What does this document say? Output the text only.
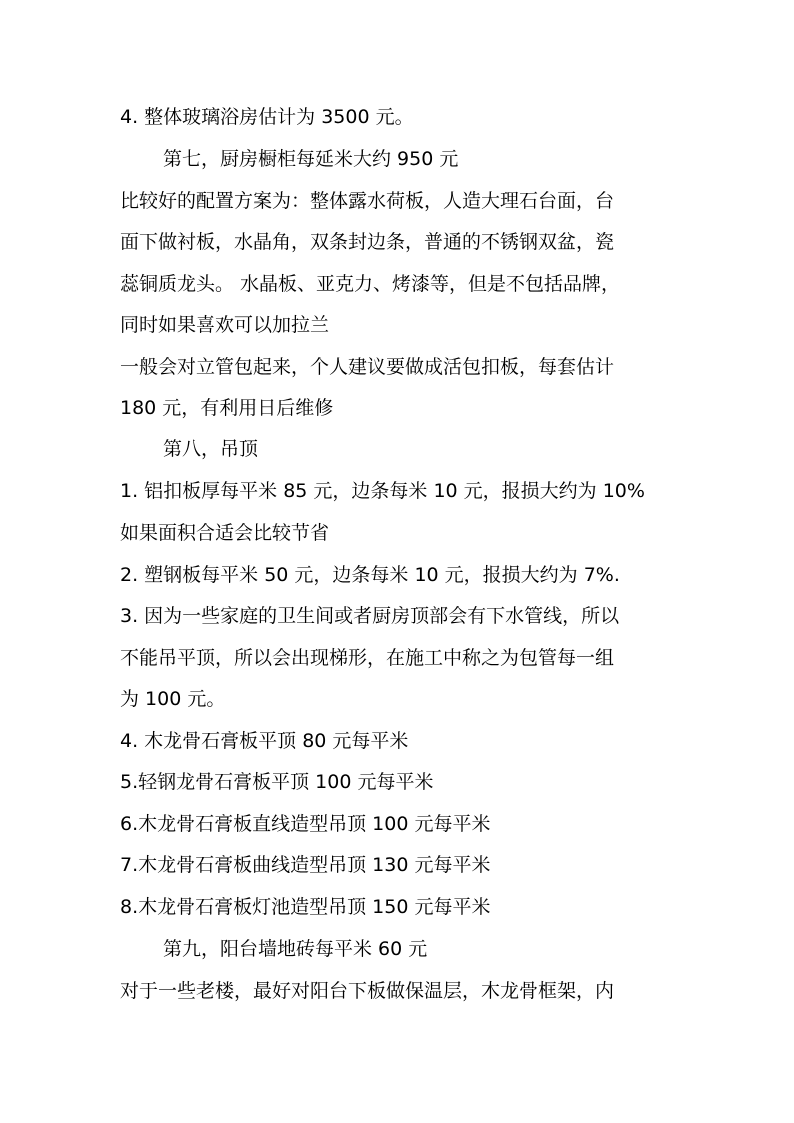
4. 整体玻璃浴房估计为 3500 元。

第七，厨房橱柜每延米大约 950 元

比较好的配置方案为：整体露水荷板，人造大理石台面，台

面下做衬板，水晶角，双条封边条，普通的不锈钢双盆，瓷

蕊铜质龙头。 水晶板、亚克力、烤漆等，但是不包括品牌，

同时如果喜欢可以加拉兰

一般会对立管包起来，个人建议要做成活包扣板，每套估计

180 元，有利用日后维修

第八，吊顶

1. 铝扣板厚每平米 85 元，边条每米 10 元，报损大约为 10%

如果面积合适会比较节省

2. 塑钢板每平米 50 元，边条每米 10 元，报损大约为 7%.

3. 因为一些家庭的卫生间或者厨房顶部会有下水管线，所以

不能吊平顶，所以会出现梯形，在施工中称之为包管每一组

为 100 元。

4. 木龙骨石膏板平顶 80 元每平米

5.轻钢龙骨石膏板平顶 100 元每平米

6.木龙骨石膏板直线造型吊顶 100 元每平米

7.木龙骨石膏板曲线造型吊顶 130 元每平米

8.木龙骨石膏板灯池造型吊顶 150 元每平米

第九，阳台墙地砖每平米 60 元

对于一些老楼，最好对阳台下板做保温层，木龙骨框架，内
